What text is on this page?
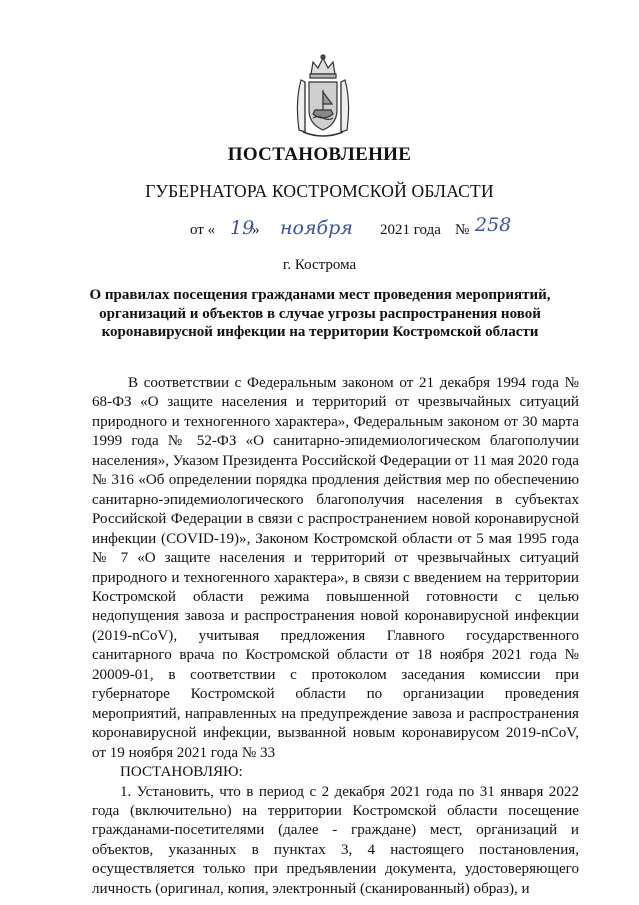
ПОСТАНОВЛЕНИЕ
ГУБЕРНАТОРА КОСТРОМСКОЙ ОБЛАСТИ
от « 19
» ноября 2021 года № 258
г. Кострома
О правилах посещения гражданами мест проведения мероприятий, организаций и объектов в случае угрозы распространения новой коронавирусной инфекции на территории Костромской области

В соответствии с Федеральным законом от 21 декабря 1994 года № 68-ФЗ «О защите населения и территорий от чрезвычайных ситуаций природного и техногенного характера», Федеральным законом от 30 марта 1999 года № 52-ФЗ «О санитарно-эпидемиологическом благополучии населения», Указом Президента Российской Федерации от 11 мая 2020 года № 316 «Об определении порядка продления действия мер по обеспечению санитарно-эпидемиологического благополучия населения в субъектах Российской Федерации в связи с распространением новой коронавирусной инфекции (COVID-19)», Законом Костромской области от 5 мая 1995 года № 7 «О защите населения и территорий от чрезвычайных ситуаций природного и техногенного характера», в связи с введением на территории Костромской области режима повышенной готовности с целью недопущения завоза и распространения новой коронавирусной инфекции (2019-nCoV), учитывая предложения Главного государственного санитарного врача по Костромской области от 18 ноября 2021 года № 20009-01, в соответствии с протоколом заседания комиссии при губернаторе Костромской области по организации проведения мероприятий, направленных на предупреждение завоза и распространения коронавирусной инфекции, вызванной новым коронавирусом 2019-nCoV, от 19 ноября 2021 года № 33

ПОСТАНОВЛЯЮ:

1. Установить, что в период с 2 декабря 2021 года по 31 января 2022 года (включительно) на территории Костромской области посещение гражданами-посетителями (далее - граждане) мест, организаций и объектов, указанных в пунктах 3, 4 настоящего постановления, осуществляется только при предъявлении документа, удостоверяющего личность (оригинал, копия, электронный (сканированный) образ), и
